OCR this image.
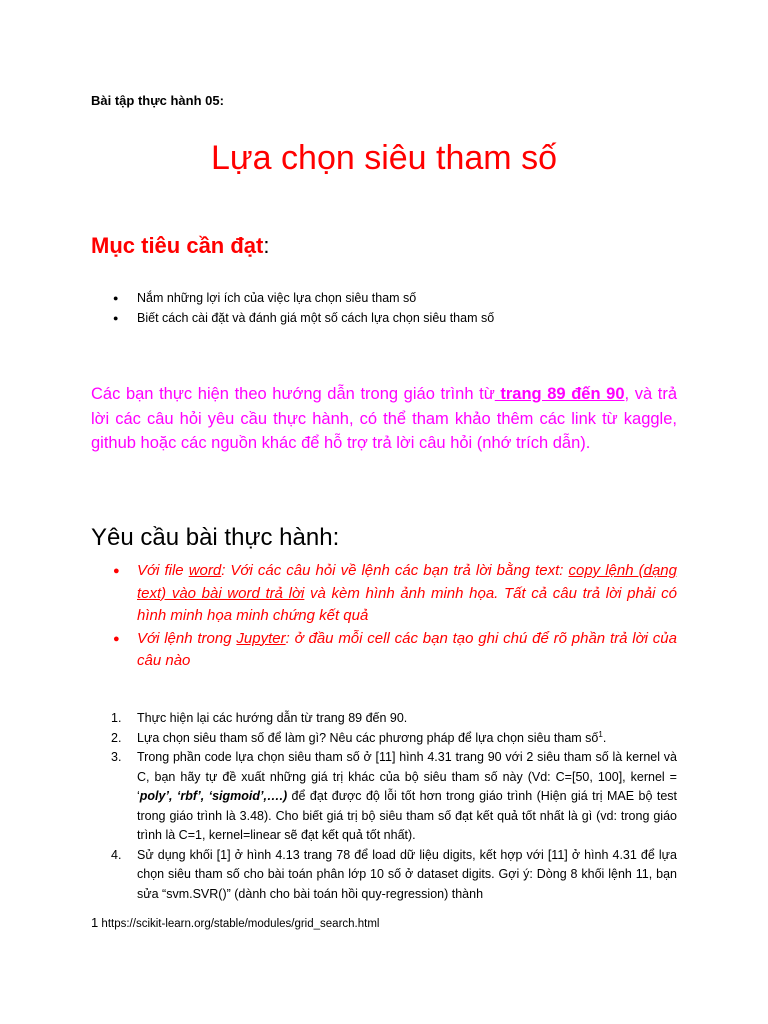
Bài tập thực hành 05:
Lựa chọn siêu tham số
Mục tiêu cần đạt:
● Nắm những lợi ích của việc lựa chọn siêu tham số
● Biết cách cài đặt và đánh giá một số cách lựa chọn siêu tham số
Các bạn thực hiện theo hướng dẫn trong giáo trình từ trang 89 đến 90, và trả lời các câu hỏi yêu cầu thực hành, có thể tham khảo thêm các link từ kaggle, github hoặc các nguồn khác để hỗ trợ trả lời câu hỏi (nhớ trích dẫn).
Yêu cầu bài thực hành:
● Với file word: Với các câu hỏi về lệnh các bạn trả lời bằng text: copy lệnh (dạng text) vào bài word trả lời và kèm hình ảnh minh họa. Tất cả câu trả lời phải có hình minh họa minh chứng kết quả
● Với lệnh trong Jupyter: ở đầu mỗi cell các bạn tạo ghi chú để rõ phần trả lời của câu nào
1. Thực hiện lại các hướng dẫn từ trang 89 đến 90.
2. Lựa chọn siêu tham số để làm gì? Nêu các phương pháp để lựa chọn siêu tham số$^1$.
3. Trong phần code lựa chọn siêu tham số ở [11] hình 4.31 trang 90 với 2 siêu tham số là kernel và C, bạn hãy tự đề xuất những giá trị khác của bộ siêu tham số này (Vd: C=[50, 100], kernel = ‘poly’, ‘rbf’, ‘sigmoid’,….) để đạt được độ lỗi tốt hơn trong giáo trình (Hiện giá trị MAE bộ test trong giáo trình là 3.48). Cho biết giá trị bộ siêu tham số đạt kết quả tốt nhất là gì (vd: trong giáo trình là C=1, kernel=linear sẽ đạt kết quả tốt nhất).
4. Sử dụng khối [1] ở hình 4.13 trang 78 để load dữ liệu digits, kết hợp với [11] ở hình 4.31 để lựa chọn siêu tham số cho bài toán phân lớp 10 số ở dataset digits. Gợi ý: Dòng 8 khối lệnh 11, bạn sửa “svm.SVR()” (dành cho bài toán hồi quy-regression) thành
1 https://scikit-learn.org/stable/modules/grid_search.html
